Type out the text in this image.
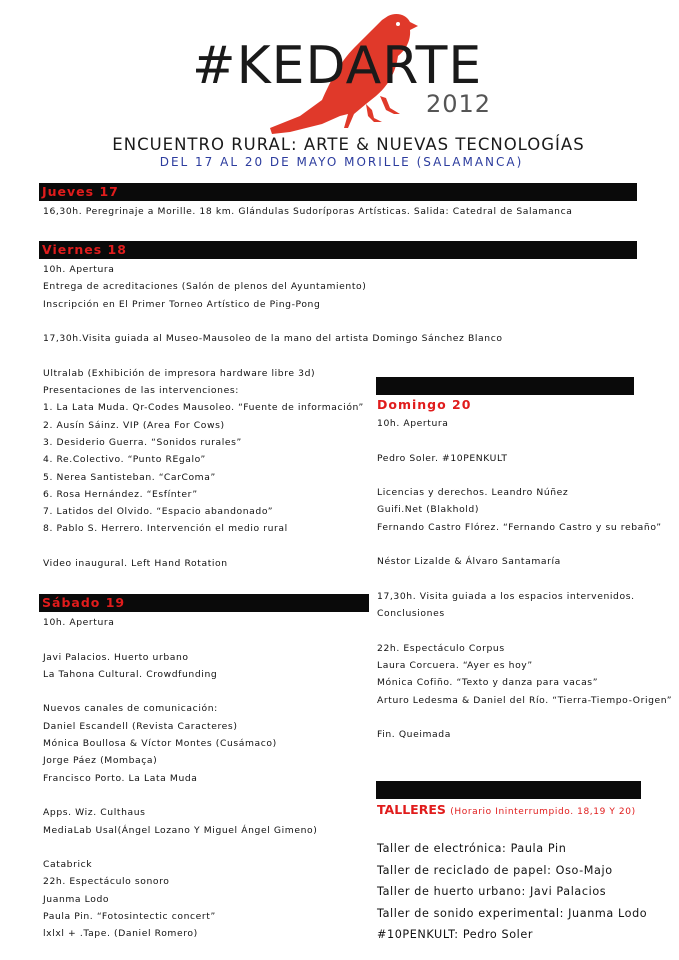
#KEDARTE
2012
ENCUENTRO RURAL: ARTE & NUEVAS TECNOLOGÍAS
DEL 17 AL 20 DE MAYO MORILLE (SALAMANCA)
Jueves 17
16,30h. Peregrinaje a Morille. 18 km. Glándulas Sudoríporas Artísticas. Salida: Catedral de Salamanca
Viernes 18
10h. Apertura
Entrega de acreditaciones (Salón de plenos del Ayuntamiento)
Inscripción en El Primer Torneo Artístico de Ping-Pong

17,30h.Visita guiada al Museo-Mausoleo de la mano del artista Domingo Sánchez Blanco

Ultralab (Exhibición de impresora hardware libre 3d)
Presentaciones de las intervenciones:
1. La Lata Muda. Qr-Codes Mausoleo. “Fuente de información”
2. Ausín Sáinz. VIP (Area For Cows)
3. Desiderio Guerra. “Sonidos rurales”
4. Re.Colectivo. “Punto REgalo”
5. Nerea Santisteban. “CarComa”
6. Rosa Hernández. “Esfínter”
7. Latidos del Olvido. “Espacio abandonado”
8. Pablo S. Herrero. Intervención el medio rural

Video inaugural. Left Hand Rotation
Sábado 19
10h. Apertura

Javi Palacios. Huerto urbano
La Tahona Cultural. Crowdfunding

Nuevos canales de comunicación:
Daniel Escandell (Revista Caracteres)
Mónica Boullosa & Víctor Montes (Cusámaco)
Jorge Páez (Mombaça)
Francisco Porto. La Lata Muda

Apps. Wiz. Culthaus
MediaLab Usal(Ángel Lozano Y Miguel Ángel Gimeno)

Catabrick
22h. Espectáculo sonoro
Juanma Lodo
Paula Pin. “Fotosintectic concert”
lxlxl + .Tape. (Daniel Romero)
Domingo 20
10h. Apertura

Pedro Soler. #10PENKULT

Licencias y derechos. Leandro Núñez
Guifi.Net (Blakhold)
Fernando Castro Flórez. “Fernando Castro y su rebaño”

Néstor Lizalde & Álvaro Santamaría

17,30h. Visita guiada a los espacios intervenidos.
Conclusiones

22h. Espectáculo Corpus
Laura Corcuera. “Ayer es hoy”
Mónica Cofiño. “Texto y danza para vacas”
Arturo Ledesma & Daniel del Río. “Tierra-Tiempo-Origen”

Fin. Queimada
TALLERES (Horario Ininterrumpido. 18,19 Y 20)
Taller de electrónica: Paula Pin
Taller de reciclado de papel: Oso-Majo
Taller de huerto urbano: Javi Palacios
Taller de sonido experimental: Juanma Lodo
#10PENKULT: Pedro Soler
